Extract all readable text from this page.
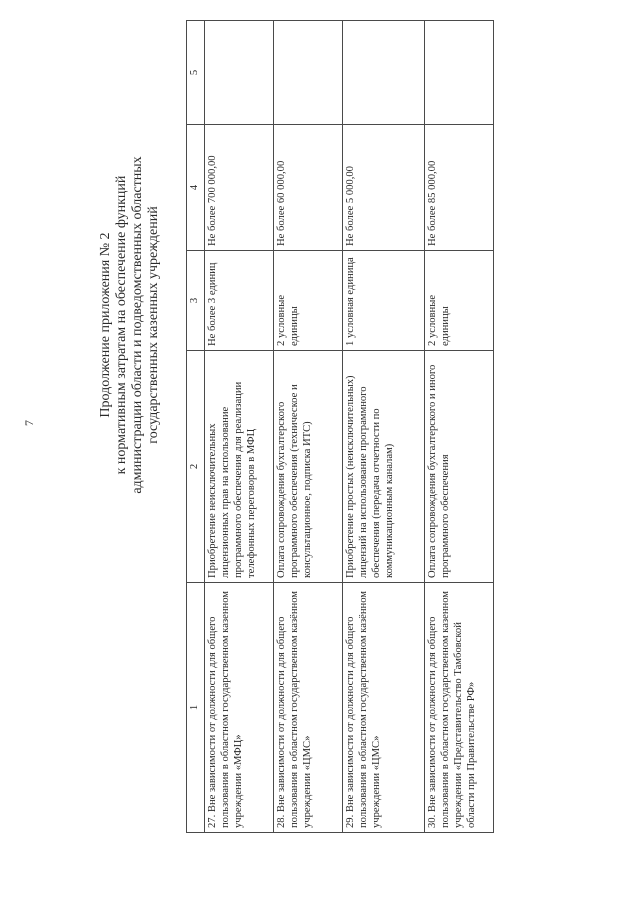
7
Продолжение приложения № 2 к нормативным затратам на обеспечение функций администрации области и подведомственных областных государственных казенных учреждений
1	2	3	4	5
27. Вне зависимости от должности для общего пользования в областном государственном казенном учреждении «МФЦ»	Приобретение неисключительных лицензионных прав на использование программного обеспечения для реализации телефонных переговоров в МФЦ	Не более 3 единиц	Не более 700 000,00	
28. Вне зависимости от должности для общего пользования в областном государственном казённом учреждении «ЦМС»	Оплата сопровождения бухгалтерского программного обеспечения (техническое и консультационное, подписка ИТС)	2 условные единицы	Не более 60 000,00	
29. Вне зависимости от должности для общего пользования в областном государственном казённом учреждении «ЦМС»	Приобретение простых (неисключительных) лицензий на использование программного обеспечения (передача отчетности по коммуникационным каналам)	1 условная единица	Не более 5 000,00	
30. Вне зависимости от должности для общего пользования в областном государственном казенном учреждении «Представительство Тамбовской области при Правительстве РФ»	Оплата сопровождения бухгалтерского и иного программного обеспечения	2 условные единицы	Не более 85 000,00	
